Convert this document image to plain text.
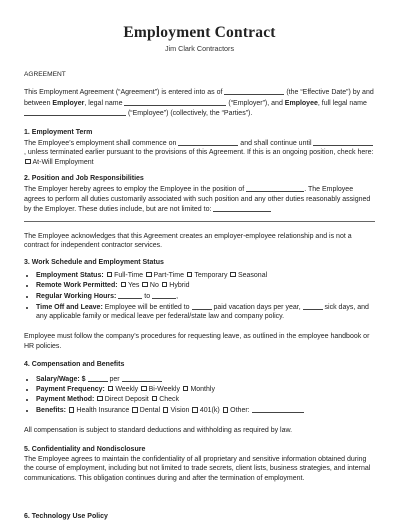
Employment Contract
Jim Clark Contractors
AGREEMENT

This Employment Agreement (“Agreement”) is entered into as of	(the “Effective Date”) by and between Employer, legal name	(“Employer”), and Employee, full legal name  (“Employee”) (collectively, the “Parties”).

1. Employment Term

The Employee’s employment shall commence on	and shall continue until , unless terminated earlier pursuant to the provisions of this Agreement. If this is an ongoing position, check here: At-Will Employment

2. Position and Job Responsibilities

The Employer hereby agrees to employ the Employee in the position of	. The Employee agrees to perform all duties customarily associated with such position and any other duties reasonably assigned by the Employer. These duties include, but are not limited to:

The Employee acknowledges that this Agreement creates an employer-employee relationship and is not a contract for independent contractor services.

3. Work Schedule and Employment Status
• Employment Status: Full-Time Part-Time Temporary Seasonal
• Remote Work Permitted: Yes No Hybrid
• Regular Working Hours:	to	,
• Time Off and Leave: Employee will be entitled to	paid vacation days per year,	sick days, and any applicable family or medical leave per federal/state law and company policy.

Employee must follow the company’s procedures for requesting leave, as outlined in the employee handbook or HR policies.

4. Compensation and Benefits
• Salary/Wage: $	per
• Payment Frequency: Weekly Bi-Weekly Monthly
• Payment Method: Direct Deposit Check
• Benefits: Health Insurance Dental Vision 401(k) Other:

All compensation is subject to standard deductions and withholding as required by law.

5. Confidentiality and Nondisclosure

The Employee agrees to maintain the confidentiality of all proprietary and sensitive information obtained during the course of employment, including but not limited to trade secrets, client lists, business strategies, and internal communications. This obligation continues during and after the termination of employment.

6. Technology Use Policy
